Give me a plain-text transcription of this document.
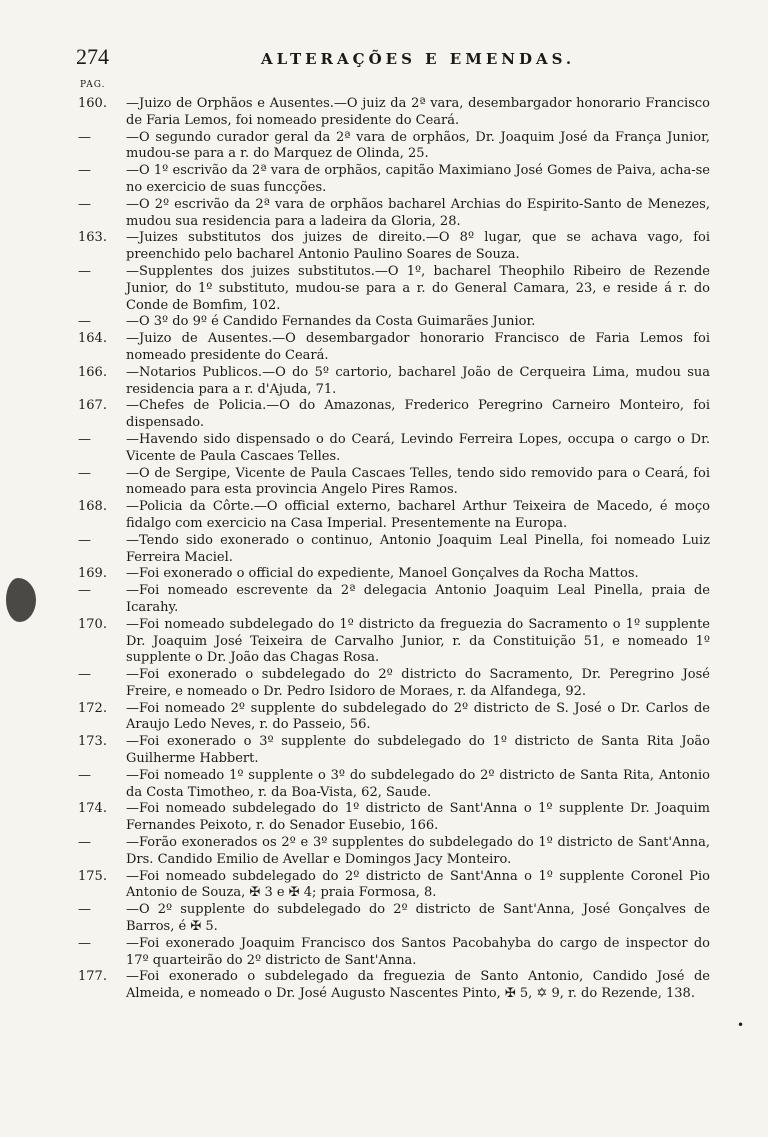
274	ALTERAÇÕES E EMENDAS.
PAG.
160.	—Juizo de Orphãos e Ausentes.—O juiz da 2ª vara, desembargador honorario Francisco de Faria Lemos, foi nomeado presidente do Ceará.
—	—O segundo curador geral da 2ª vara de orphãos, Dr. Joaquim José da França Junior, mudou-se para a r. do Marquez de Olinda, 25.
—	—O 1º escrivão da 2ª vara de orphãos, capitão Maximiano José Gomes de Paiva, acha-se no exercicio de suas funcções.
—	—O 2º escrivão da 2ª vara de orphãos bacharel Archias do Espirito-Santo de Menezes, mudou sua residencia para a ladeira da Gloria, 28.
163.	—Juizes substitutos dos juizes de direito.—O 8º lugar, que se achava vago, foi preenchido pelo bacharel Antonio Paulino Soares de Souza.
—	—Supplentes dos juizes substitutos.—O 1º, bacharel Theophilo Ribeiro de Rezende Junior, do 1º substituto, mudou-se para a r. do General Camara, 23, e reside á r. do Conde de Bomfim, 102.
—	—O 3º do 9º é Candido Fernandes da Costa Guimarães Junior.
164.	—Juizo de Ausentes.—O desembargador honorario Francisco de Faria Lemos foi nomeado presidente do Ceará.
166.	—Notarios Publicos.—O do 5º cartorio, bacharel João de Cerqueira Lima, mudou sua residencia para a r. d'Ajuda, 71.
167.	—Chefes de Policia.—O do Amazonas, Frederico Peregrino Carneiro Monteiro, foi dispensado.
—	—Havendo sido dispensado o do Ceará, Levindo Ferreira Lopes, occupa o cargo o Dr. Vicente de Paula Cascaes Telles.
—	—O de Sergipe, Vicente de Paula Cascaes Telles, tendo sido removido para o Ceará, foi nomeado para esta provincia Angelo Pires Ramos.
168.	—Policia da Côrte.—O official externo, bacharel Arthur Teixeira de Macedo, é moço fidalgo com exercicio na Casa Imperial. Presentemente na Europa.
—	—Tendo sido exonerado o continuo, Antonio Joaquim Leal Pinella, foi nomeado Luiz Ferreira Maciel.
169.	—Foi exonerado o official do expediente, Manoel Gonçalves da Rocha Mattos.
—	—Foi nomeado escrevente da 2ª delegacia Antonio Joaquim Leal Pinella, praia de Icarahy.
170.	—Foi nomeado subdelegado do 1º districto da freguezia do Sacramento o 1º supplente Dr. Joaquim José Teixeira de Carvalho Junior, r. da Constituição 51, e nomeado 1º supplente o Dr. João das Chagas Rosa.
—	—Foi exonerado o subdelegado do 2º districto do Sacramento, Dr. Peregrino José Freire, e nomeado o Dr. Pedro Isidoro de Moraes, r. da Alfandega, 92.
172.	—Foi nomeado 2º supplente do subdelegado do 2º districto de S. José o Dr. Carlos de Araujo Ledo Neves, r. do Passeio, 56.
173.	—Foi exonerado o 3º supplente do subdelegado do 1º districto de Santa Rita João Guilherme Habbert.
—	—Foi nomeado 1º supplente o 3º do subdelegado do 2º districto de Santa Rita, Antonio da Costa Timotheo, r. da Boa-Vista, 62, Saude.
174.	—Foi nomeado subdelegado do 1º districto de Sant'Anna o 1º supplente Dr. Joaquim Fernandes Peixoto, r. do Senador Eusebio, 166.
—	—Forão exonerados os 2º e 3º supplentes do subdelegado do 1º districto de Sant'Anna, Drs. Candido Emilio de Avellar e Domingos Jacy Monteiro.
175.	—Foi nomeado subdelegado do 2º districto de Sant'Anna o 1º supplente Coronel Pio Antonio de Souza, ✠ 3 e ✠ 4; praia Formosa, 8.
—	—O 2º supplente do subdelegado do 2º districto de Sant'Anna, José Gonçalves de Barros, é ✠ 5.
—	—Foi exonerado Joaquim Francisco dos Santos Pacobahyba do cargo de inspector do 17º quarteirão do 2º districto de Sant'Anna.
177.	—Foi exonerado o subdelegado da freguezia de Santo Antonio, Candido José de Almeida, e nomeado o Dr. José Augusto Nascentes Pinto, ✠ 5, ✡ 9, r. do Rezende, 138.
•
